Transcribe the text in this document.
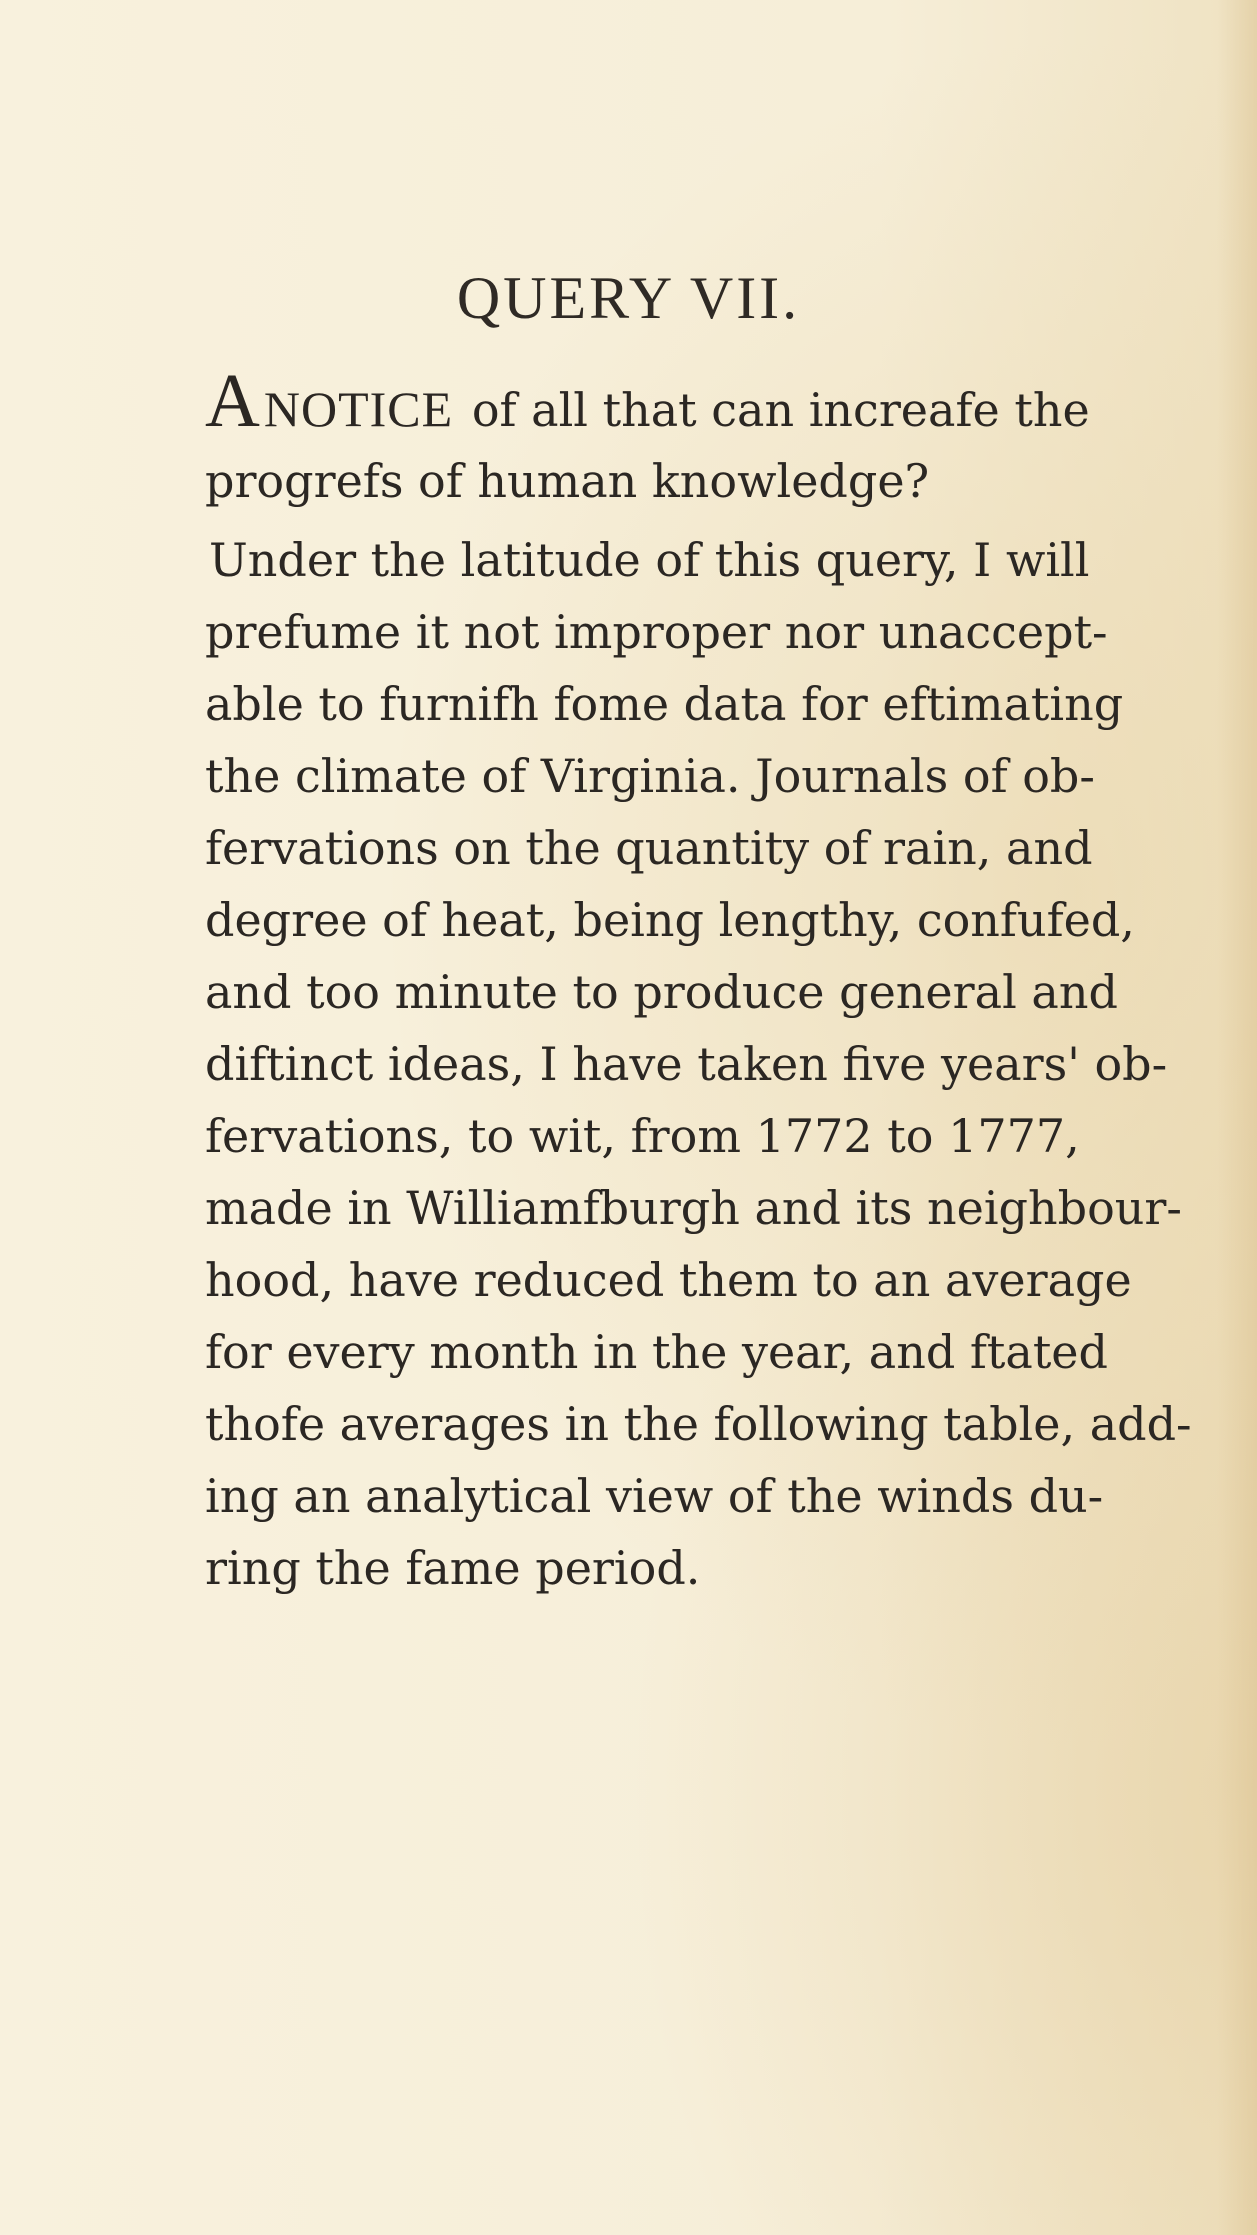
QUERY VII.
ANOTICE of all that can increafe the
progrefs of human knowledge?
Under the latitude of this query, I will
prefume it not improper nor unaccept-
able to furnifh fome data for eftimating
the climate of Virginia. Journals of ob-
fervations on the quantity of rain, and
degree of heat, being lengthy, confufed,
and too minute to produce general and
diftinct ideas, I have taken five years' ob-
fervations, to wit, from 1772 to 1777,
made in Williamfburgh and its neighbour-
hood, have reduced them to an average
for every month in the year, and ftated
thofe averages in the following table, add-
ing an analytical view of the winds du-
ring the fame period.
